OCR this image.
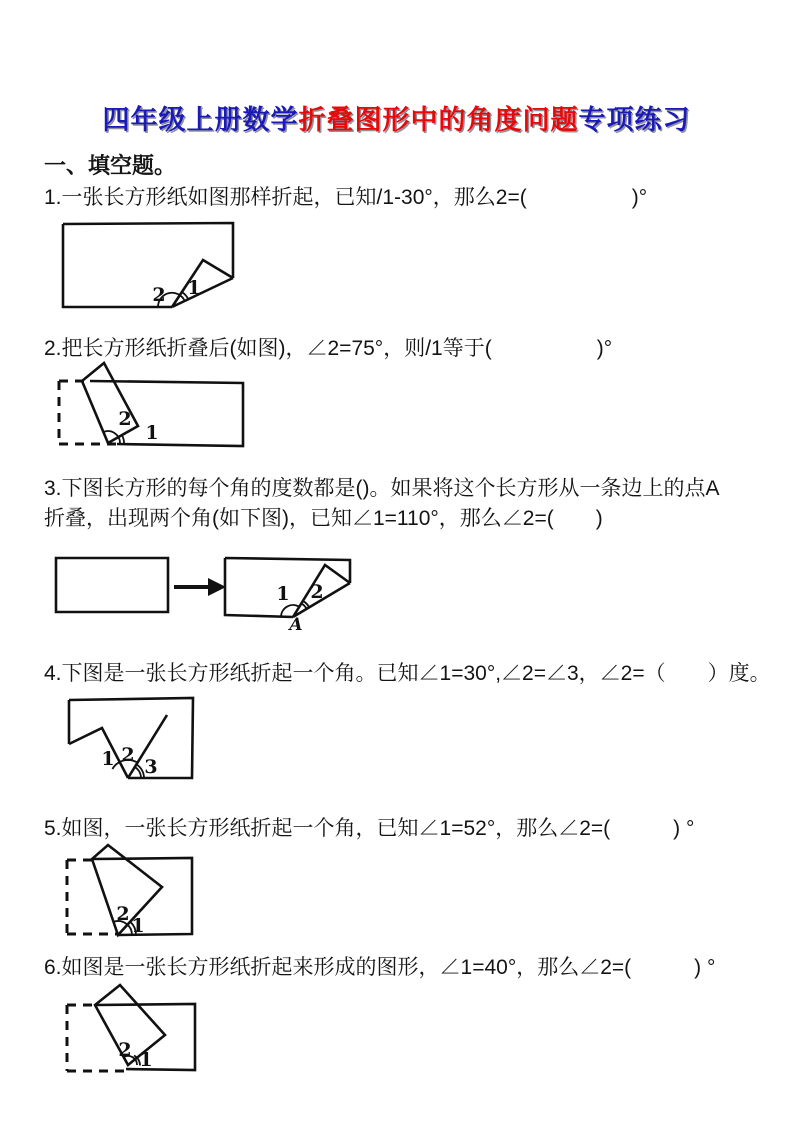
四年级上册数学折叠图形中的角度问题专项练习
一、填空题。
1.一张长方形纸如图那样折起，已知/1-30°，那么2=(　　　　　)°
2 1
2.把长方形纸折叠后(如图)，∠2=75°，则/1等于(　　　　　)°
2
1
3.下图长方形的每个角的度数都是()。如果将这个长方形从一条边上的点A
折叠，出现两个角(如下图)，已知∠1=110°，那么∠2=(　　)
1 2
A
4.下图是一张长方形纸折起一个角。已知∠1=30°,∠2=∠3，∠2=（　　）度。
1 2
3
5.如图，一张长方形纸折起一个角，已知∠1=52°，那么∠2=(　　　) °
2
1
6.如图是一张长方形纸折起来形成的图形，∠1=40°，那么∠2=(　　　) °
2 1
